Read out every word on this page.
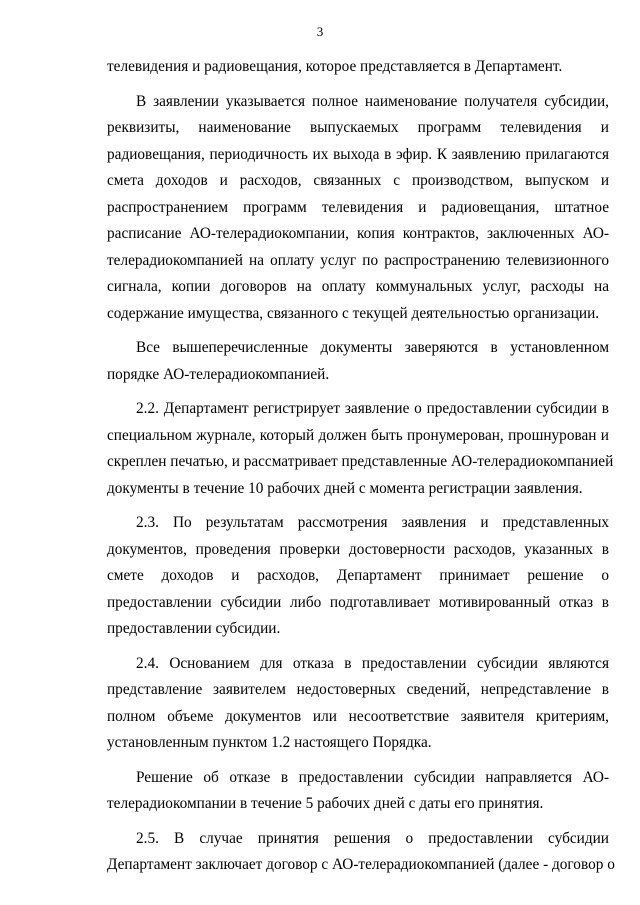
3
телевидения и радиовещания, которое представляется в Департамент.
В заявлении указывается полное наименование получателя субсидии,
реквизиты, наименование выпускаемых программ телевидения и
радиовещания, периодичность их выхода в эфир. К заявлению прилагаются
смета доходов и расходов, связанных с производством, выпуском и
распространением программ телевидения и радиовещания, штатное
расписание АО-телерадиокомпании, копия контрактов, заключенных АО-
телерадиокомпанией на оплату услуг по распространению телевизионного
сигнала, копии договоров на оплату коммунальных услуг, расходы на
содержание имущества, связанного с текущей деятельностью организации.
Все вышеперечисленные документы заверяются в установленном
порядке АО-телерадиокомпанией.
2.2. Департамент регистрирует заявление о предоставлении субсидии в
специальном журнале, который должен быть пронумерован, прошнурован и
скреплен печатью, и рассматривает представленные АО-телерадиокомпанией
документы в течение 10 рабочих дней с момента регистрации заявления.
2.3. По результатам рассмотрения заявления и представленных
документов, проведения проверки достоверности расходов, указанных в
смете доходов и расходов, Департамент принимает решение о
предоставлении субсидии либо подготавливает мотивированный отказ в
предоставлении субсидии.
2.4. Основанием для отказа в предоставлении субсидии являются
представление заявителем недостоверных сведений, непредставление в
полном объеме документов или несоответствие заявителя критериям,
установленным пунктом 1.2 настоящего Порядка.
Решение об отказе в предоставлении субсидии направляется АО-
телерадиокомпании в течение 5 рабочих дней с даты его принятия.
2.5. В случае принятия решения о предоставлении субсидии
Департамент заключает договор с АО-телерадиокомпанией (далее - договор о
